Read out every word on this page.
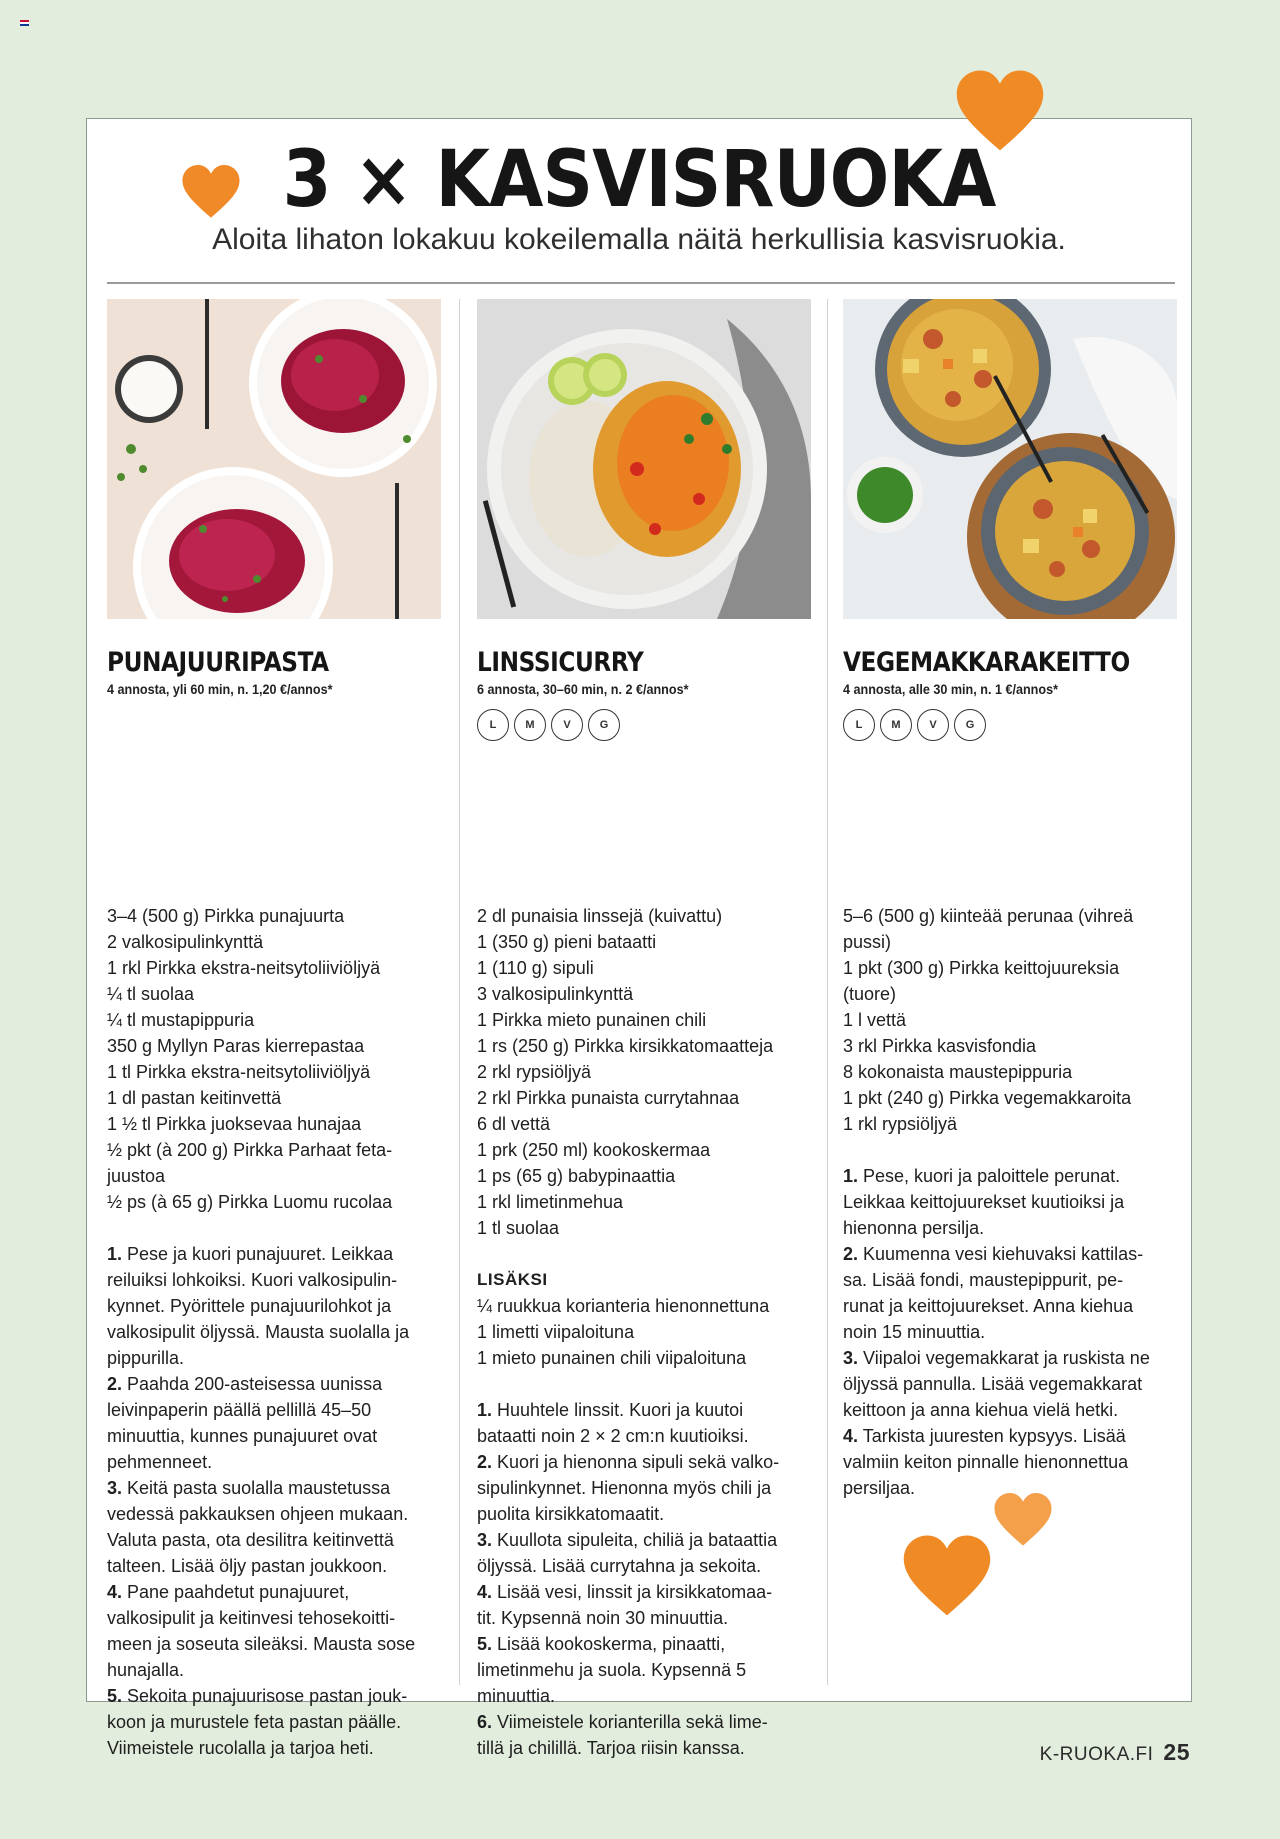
3 × KASVISRUOKA
Aloita lihaton lokakuu kokeilemalla näitä herkullisia kasvisruokia.
PUNAJUURIPASTA
4 annosta, yli 60 min, n. 1,20 €/annos*
3–4 (500 g) Pirkka punajuurta
2 valkosipulinkynttä
1 rkl Pirkka ekstra-neitsytoliiviöljyä
¼ tl suolaa
¼ tl mustapippuria
350 g Myllyn Paras kierrepastaa
1 tl Pirkka ekstra-neitsytoliiviöljyä
1 dl pastan keitinvettä
1 ½ tl Pirkka juoksevaa hunajaa
½ pkt (à 200 g) Pirkka Parhaat feta-
juustoa
½ ps (à 65 g) Pirkka Luomu rucolaa
1. Pese ja kuori punajuuret. Leikkaa
reiluiksi lohkoiksi. Kuori valkosipulin-
kynnet. Pyörittele punajuurilohkot ja
valkosipulit öljyssä. Mausta suolalla ja
pippurilla.
2. Paahda 200-asteisessa uunissa
leivinpaperin päällä pellillä 45–50
minuuttia, kunnes punajuuret ovat
pehmenneet.
3. Keitä pasta suolalla maustetussa
vedessä pakkauksen ohjeen mukaan.
Valuta pasta, ota desilitra keitinvettä
talteen. Lisää öljy pastan joukkoon.
4. Pane paahdetut punajuuret,
valkosipulit ja keitinvesi tehosekoitti-
meen ja soseuta sileäksi. Mausta sose
hunajalla.
5. Sekoita punajuurisose pastan jouk-
koon ja murustele feta pastan päälle.
Viimeistele rucolalla ja tarjoa heti.
LINSSICURRY
6 annosta, 30–60 min, n. 2 €/annos*
L	M	V	G
2 dl punaisia linssejä (kuivattu)
1 (350 g) pieni bataatti
1 (110 g) sipuli
3 valkosipulinkynttä
1 Pirkka mieto punainen chili
1 rs (250 g) Pirkka kirsikkatomaatteja
2 rkl rypsiöljyä
2 rkl Pirkka punaista currytahnaa
6 dl vettä
1 prk (250 ml) kookoskermaa
1 ps (65 g) babypinaattia
1 rkl limetinmehua
1 tl suolaa
LISÄKSI
¼ ruukkua korianteria hienonnettuna
1 limetti viipaloituna
1 mieto punainen chili viipaloituna
1. Huuhtele linssit. Kuori ja kuutoi
bataatti noin 2 × 2 cm:n kuutioiksi.
2. Kuori ja hienonna sipuli sekä valko-
sipulinkynnet. Hienonna myös chili ja
puolita kirsikkatomaatit.
3. Kuullota sipuleita, chiliä ja bataattia
öljyssä. Lisää currytahna ja sekoita.
4. Lisää vesi, linssit ja kirsikkatomaa-
tit. Kypsennä noin 30 minuuttia.
5. Lisää kookoskerma, pinaatti,
limetinmehu ja suola. Kypsennä 5
minuuttia.
6. Viimeistele korianterilla sekä lime-
tillä ja chilillä. Tarjoa riisin kanssa.
VEGEMAKKARAKEITTO
4 annosta, alle 30 min, n. 1 €/annos*
L	M	V	G
5–6 (500 g) kiinteää perunaa (vihreä
pussi)
1 pkt (300 g) Pirkka keittojuureksia
(tuore)
1 l vettä
3 rkl Pirkka kasvisfondia
8 kokonaista maustepippuria
1 pkt (240 g) Pirkka vegemakkaroita
1 rkl rypsiöljyä
1. Pese, kuori ja paloittele perunat.
Leikkaa keittojuurekset kuutioiksi ja
hienonna persilja.
2. Kuumenna vesi kiehuvaksi kattilas-
sa. Lisää fondi, maustepippurit, pe-
runat ja keittojuurekset. Anna kiehua
noin 15 minuuttia.
3. Viipaloi vegemakkarat ja ruskista ne
öljyssä pannulla. Lisää vegemakkarat
keittoon ja anna kiehua vielä hetki.
4. Tarkista juuresten kypsyys. Lisää
valmiin keiton pinnalle hienonnettua
persiljaa.
K-RUOKA.FI 25
